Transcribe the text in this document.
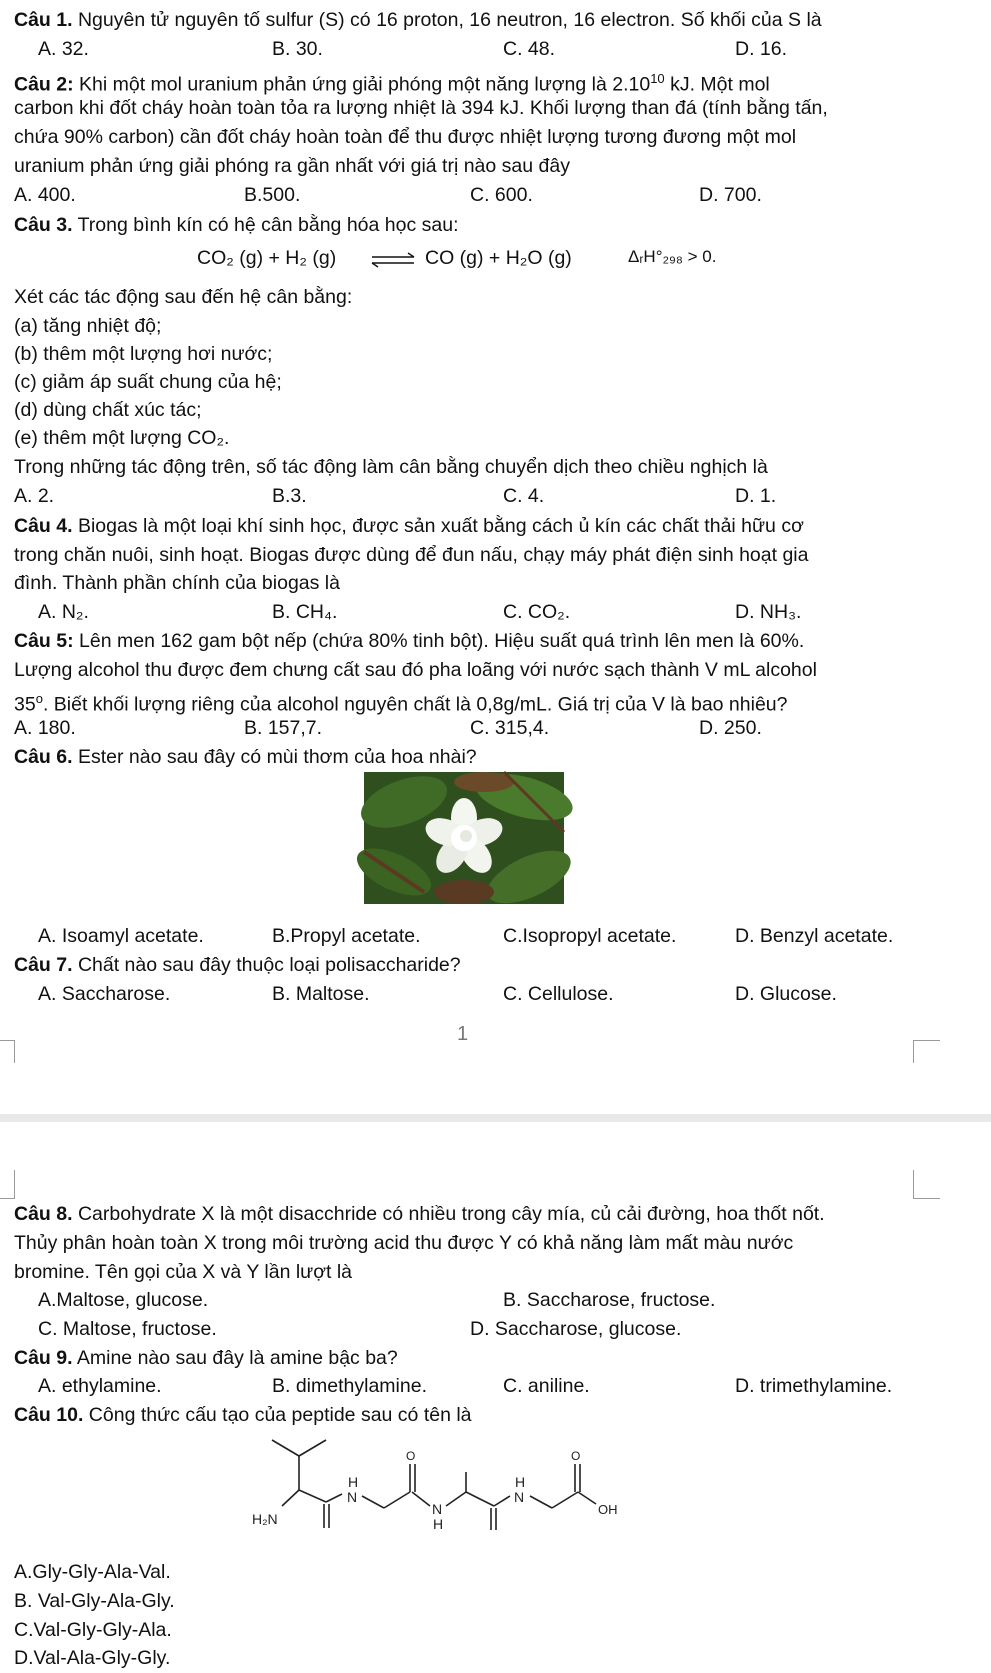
Câu 1. Nguyên tử nguyên tố sulfur (S) có 16 proton, 16 neutron, 16 electron. Số khối của S là
A. 32.	B. 30.	C. 48.	D. 16.
Câu 2: Khi một mol uranium phản ứng giải phóng một năng lượng là 2.10$^{10}$ kJ. Một mol
carbon khi đốt cháy hoàn toàn tỏa ra lượng nhiệt là 394 kJ. Khối lượng than đá (tính bằng tấn,
chứa 90% carbon) cần đốt cháy hoàn toàn để thu được nhiệt lượng tương đương một mol
uranium phản ứng giải phóng ra gần nhất với giá trị nào sau đây
A. 400.	B.500.	C. 600.	D. 700.
Câu 3. Trong bình kín có hệ cân bằng hóa học sau:
CO₂ (g) + H₂ (g) ⇌ CO (g) + H₂O (g)	ΔᵣH°₂₉₈ > 0.
Xét các tác động sau đến hệ cân bằng:
(a) tăng nhiệt độ;
(b) thêm một lượng hơi nước;
(c) giảm áp suất chung của hệ;
(d) dùng chất xúc tác;
(e) thêm một lượng CO₂.
Trong những tác động trên, số tác động làm cân bằng chuyển dịch theo chiều nghịch là
A. 2.	B.3.	C. 4.	D. 1.
Câu 4. Biogas là một loại khí sinh học, được sản xuất bằng cách ủ kín các chất thải hữu cơ
trong chăn nuôi, sinh hoạt. Biogas được dùng để đun nấu, chạy máy phát điện sinh hoạt gia
đình. Thành phần chính của biogas là
A. N₂.	B. CH₄.	C. CO₂.	D. NH₃.
Câu 5: Lên men 162 gam bột nếp (chứa 80% tinh bột). Hiệu suất quá trình lên men là 60%.
Lượng alcohol thu được đem chưng cất sau đó pha loãng với nước sạch thành V mL alcohol
35$^o$. Biết khối lượng riêng của alcohol nguyên chất là 0,8g/mL. Giá trị của V là bao nhiêu?
A. 180.	B. 157,7.	C. 315,4.	D. 250.
Câu 6. Ester nào sau đây có mùi thơm của hoa nhài?
A. Isoamyl acetate.	B.Propyl acetate.	C.Isopropyl acetate.	D. Benzyl acetate.
Câu 7. Chất nào sau đây thuộc loại polisaccharide?
A. Saccharose.	B. Maltose.	C. Cellulose.	D. Glucose.
1
Câu 8. Carbohydrate X là một disacchride có nhiều trong cây mía, củ cải đường, hoa thốt nốt.
Thủy phân hoàn toàn X trong môi trường acid thu được Y có khả năng làm mất màu nước
bromine. Tên gọi của X và Y lần lượt là
A.Maltose, glucose.	B. Saccharose, fructose.
C. Maltose, fructose.	D. Saccharose, glucose.
Câu 9. Amine nào sau đây là amine bậc ba?
A. ethylamine.	B. dimethylamine.	C. aniline.	D. trimethylamine.
Câu 10. Công thức cấu tạo của peptide sau có tên là
H₂N
H
N
O
N
H
H
N
O
OH
A.Gly-Gly-Ala-Val.
B. Val-Gly-Ala-Gly.
C.Val-Gly-Gly-Ala.
D.Val-Ala-Gly-Gly.
